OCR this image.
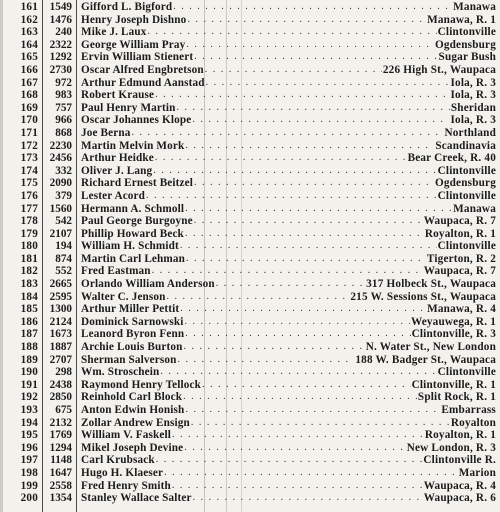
161	1549 Gifford L. Bigford . . .	Manawa
162	1476 Henry Joseph Dishno . . .	Manawa, R. 1
163	240 Mike J. Laux . . .	Clintonville
164	2322 George William Pray . . .	Ogdensburg
165	1292 Ervin William Stienert . . .	Sugar Bush
166	2730 Oscar Alfred Engbretson . . .	226 High St., Waupaca
167	972 Arthur Edmund Aanstad . . .	Iola, R. 3
168	983 Robert Krause . . .	Iola, R. 3
169	757 Paul Henry Martin . . .	Sheridan
170	966 Oscar Johannes Klope . . .	Iola, R. 3
171	868 Joe Berna . . .	Northland
172	2230 Martin Melvin Mork . . .	Scandinavia
173	2456 Arthur Heidke . . .	Bear Creek, R. 40
174	332 Oliver J. Lang . . .	Clintonville
175	2090 Richard Ernest Beitzel . . .	Ogdensburg
176	379 Lester Acord . . .	Clintonville
177	1560 Hermann A. Schmoll . . .	Manawa
178	542 Paul George Burgoyne . . .	Waupaca, R. 7
179	2107 Phillip Howard Beck . . .	Royalton, R. 1
180	194 William H. Schmidt . . .	Clintonville
181	874 Martin Carl Lehman . . .	Tigerton, R. 2
182	552 Fred Eastman . . .	Waupaca, R. 7
183	2665 Orlando William Anderson . . .	317 Holbeck St., Waupaca
184	2595 Walter C. Jenson . . .	215 W. Sessions St., Waupaca
185	1300 Arthur Miller Pettit . . .	Manawa, R. 4
186	2124 Dominick Sarnowski . . .	Weyauwega, R. 1
187	1673 Leanord Byron Fenn . . .	Clintonville, R. 3
188	1887 Archie Louis Burton . . .	N. Water St., New London
189	2707 Sherman Salverson . . .	188 W. Badger St., Waupaca
190	298 Wm. Stroschein . . .	Clintonville
191	2438 Raymond Henry Tellock . . .	Clintonville, R. 1
192	2850 Reinhold Carl Block . . .	Split Rock, R. 1
193	675 Anton Edwin Honish . . .	Embarrass
194	2132 Zollar Andrew Ensign . . .	Royalton
195	1769 William V. Faskell . . .	Royalton, R. 1
196	1294 Mikel Joseph Devine . . .	New London, R. 3
197	1148 Carl Krubsack . . .	Clintonville R.
198	1647 Hugo H. Klaeser . . .	Marion
199	2558 Fred Henry Smith . . .	Waupaca, R. 4
200	1354 Stanley Wallace Salter . . .	Waupaca, R. 6
